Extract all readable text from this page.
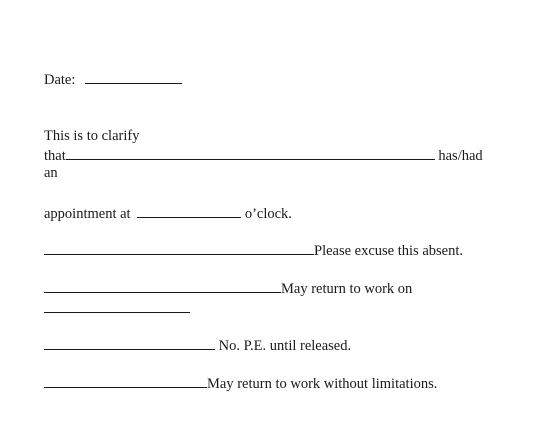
Date:
This is to clarify
that	has/had
an
appointment at	o’clock.
Please excuse this absent.
May return to work on
No. P.E. until released.
May return to work without limitations.
